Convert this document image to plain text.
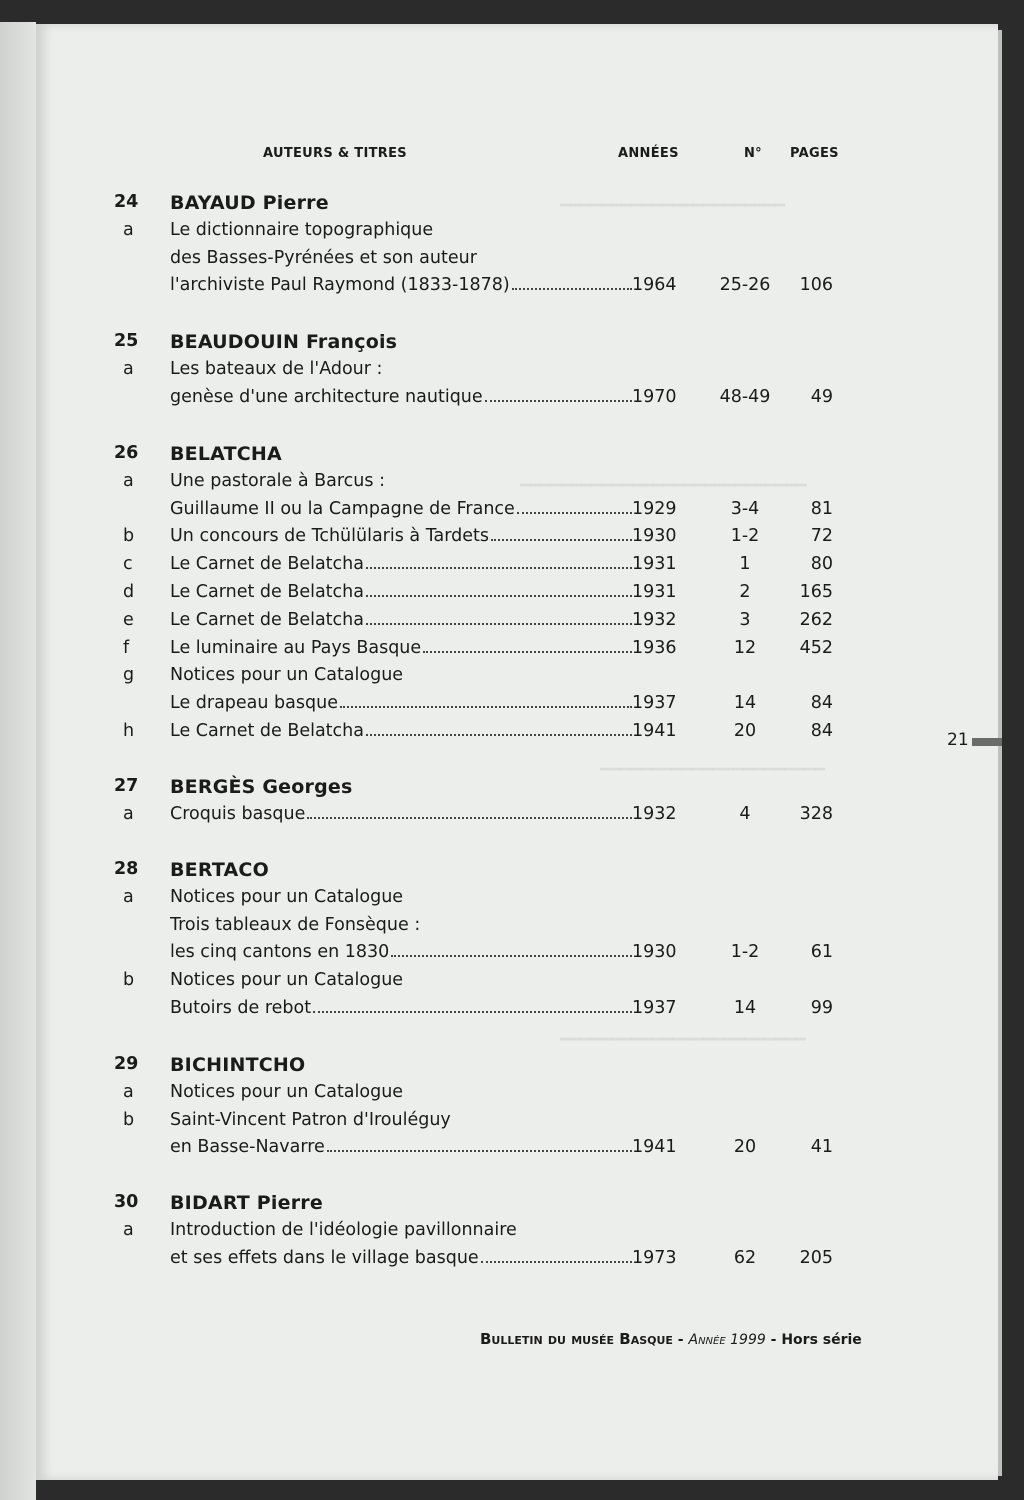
━━━━━━━━━━━━━━━━━━━━━━
━━━━━━━━━━━━━━━━━━━━━━━━━━━━
━━━━━━━━━━━━━━━━━━━━━━
━━━━━━━━━━━━━━━━━━━━━━━━
AUTEURS & TITRES	ANNÉES	N° PAGES
24 BAYAUD Pierre
a Le dictionnaire topographique
des Basses-Pyrénées et son auteur
l'archiviste Paul Raymond (1833-1878)	1964	25-26	106
25 BEAUDOUIN François
a Les bateaux de l'Adour :
genèse d'une architecture nautique	1970	48-49	49
26 BELATCHA
a Une pastorale à Barcus :
Guillaume II ou la Campagne de France	1929	3-4	81
b Un concours de Tchülülaris à Tardets	1930	1-2	72
c Le Carnet de Belatcha	1931	1	80
d Le Carnet de Belatcha	1931	2	165
e Le Carnet de Belatcha	1932	3	262
f Le luminaire au Pays Basque	1936	12	452
g Notices pour un Catalogue
Le drapeau basque	1937	14	84
h Le Carnet de Belatcha	1941	20	84
27 BERGÈS Georges
a Croquis basque	1932	4	328
28 BERTACO
a Notices pour un Catalogue
Trois tableaux de Fonsèque :
les cinq cantons en 1830	1930	1-2	61
b Notices pour un Catalogue
Butoirs de rebot	1937	14	99
29 BICHINTCHO
a Notices pour un Catalogue
b Saint-Vincent Patron d'Irouléguy
en Basse-Navarre	1941	20	41
30 BIDART Pierre
a Introduction de l'idéologie pavillonnaire
et ses effets dans le village basque	1973	62	205
21
Bulletin du musée Basque - Année 1999 - Hors série
